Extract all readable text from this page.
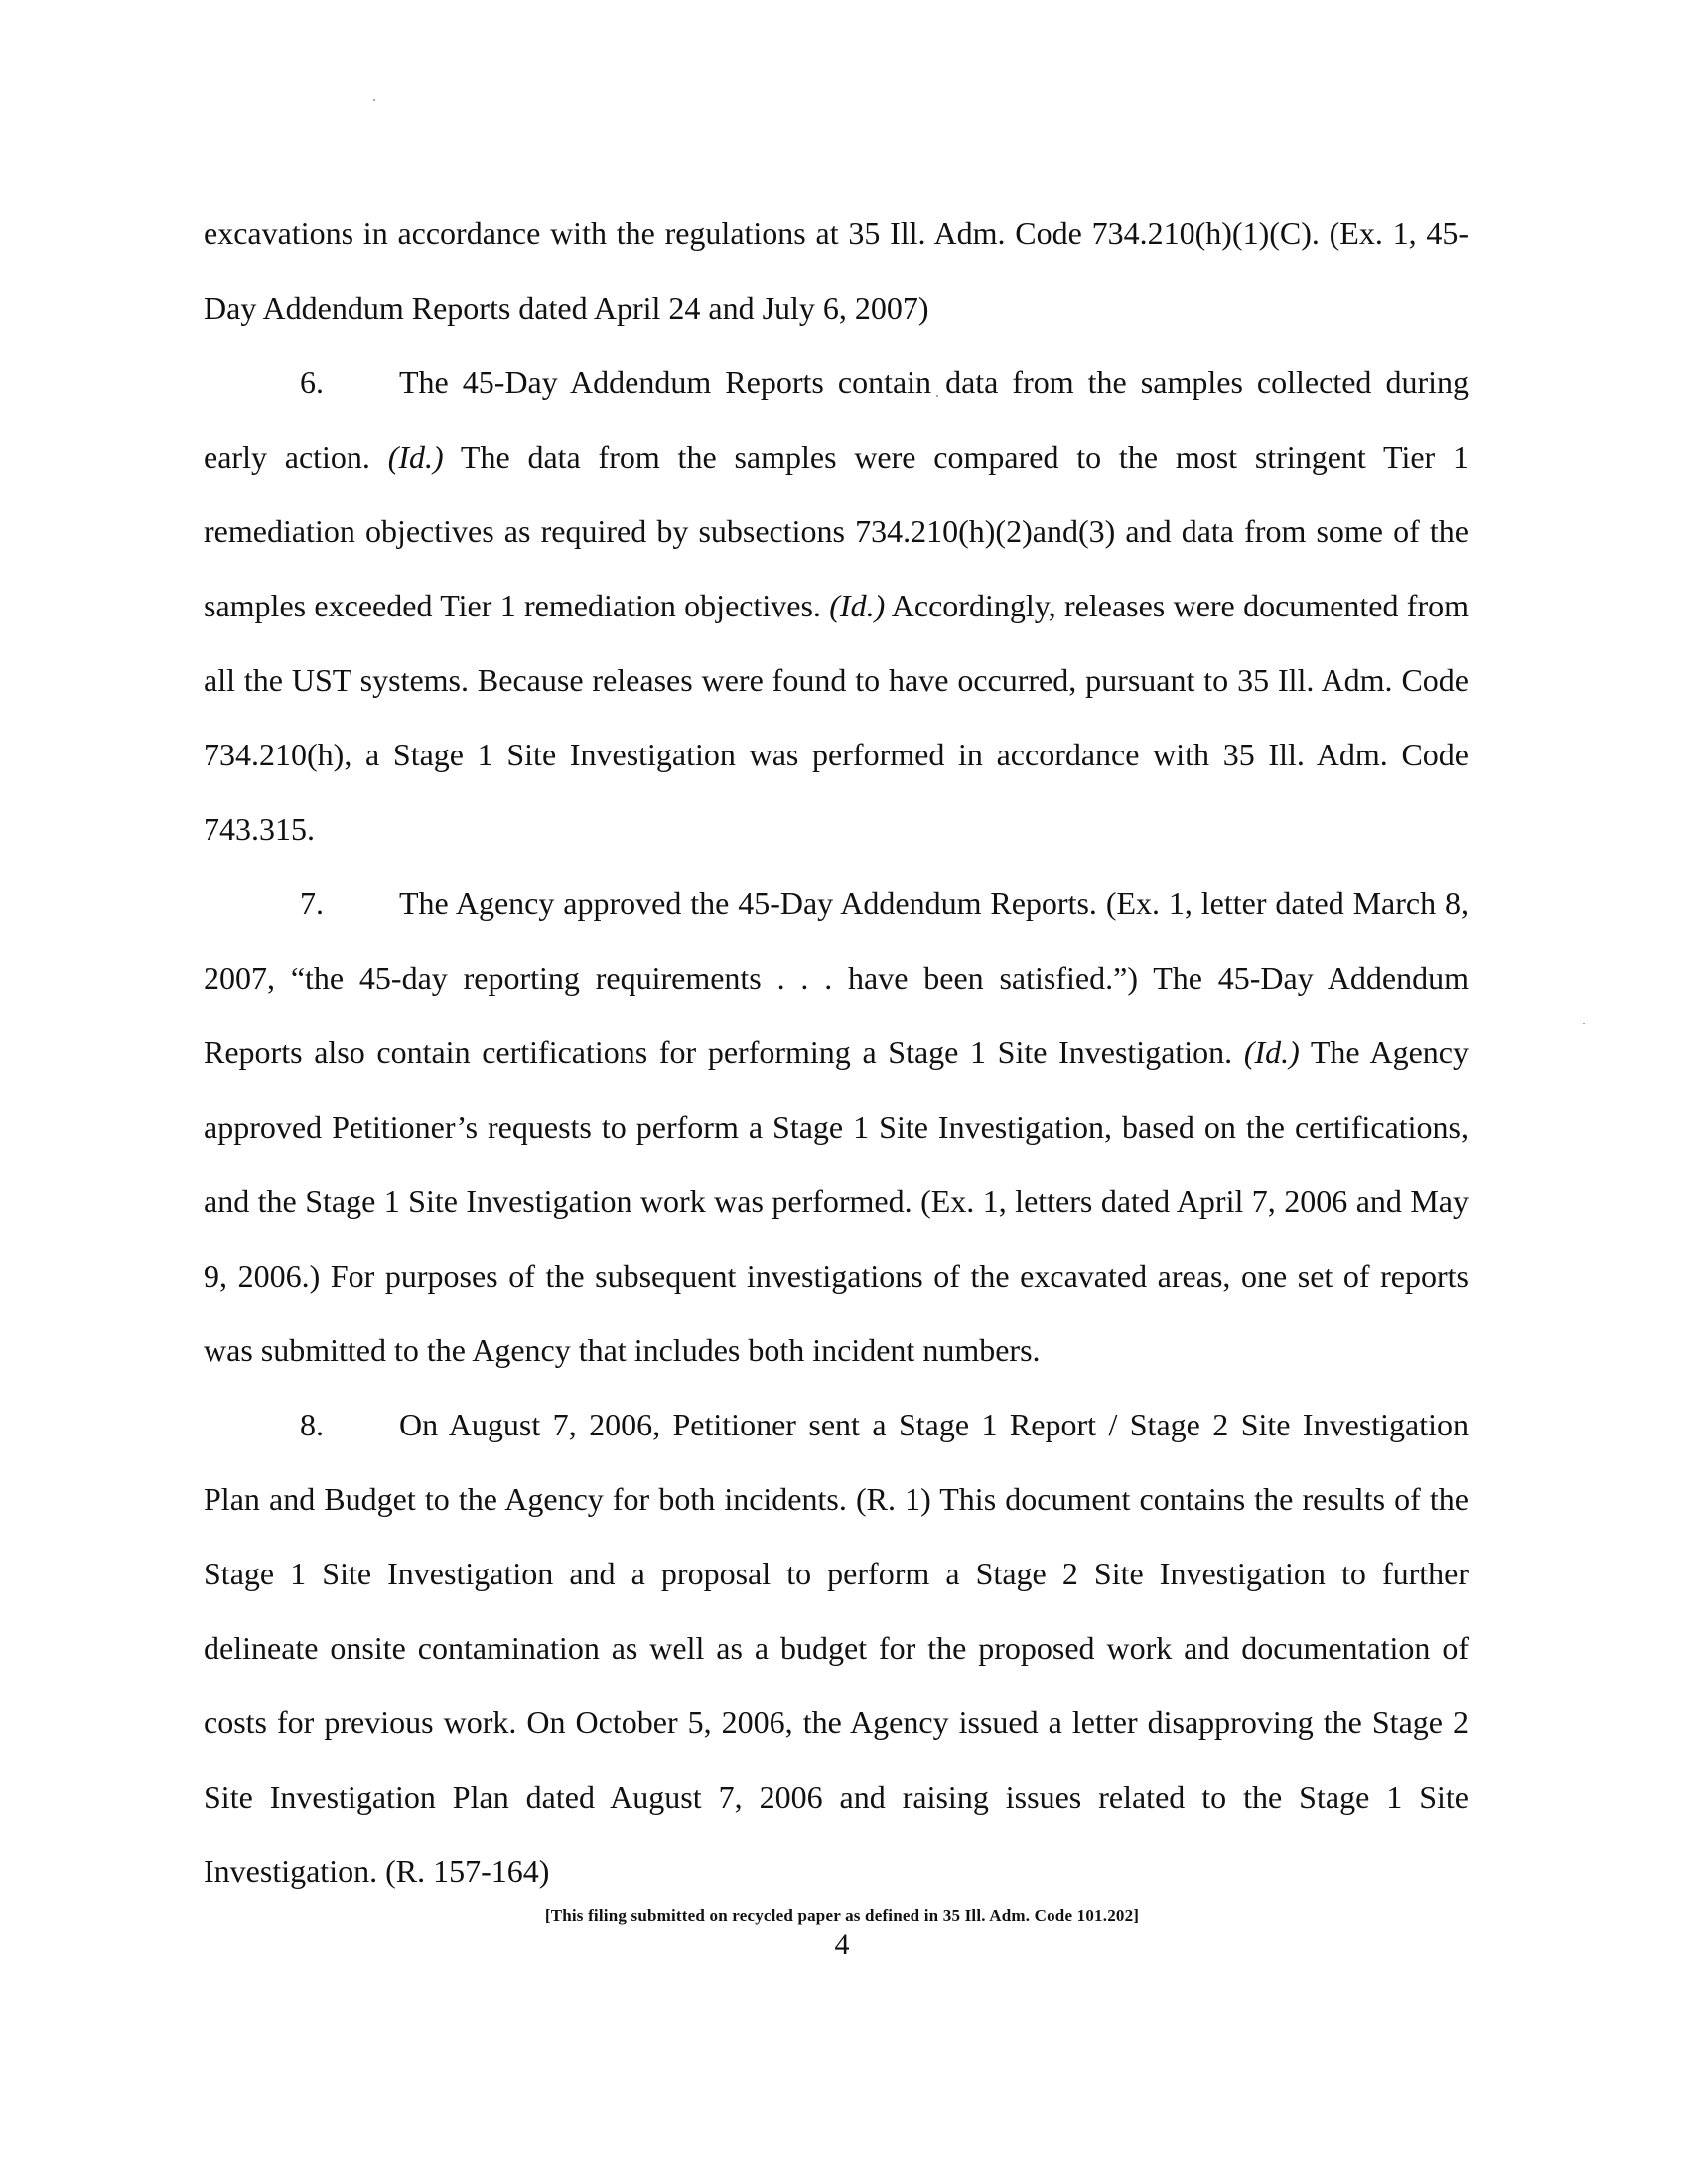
excavations in accordance with the regulations at 35 Ill. Adm. Code 734.210(h)(1)(C). (Ex. 1, 45-Day Addendum Reports dated April 24 and July 6, 2007)

6. The 45-Day Addendum Reports contain data from the samples collected during early action. (Id.) The data from the samples were compared to the most stringent Tier 1 remediation objectives as required by subsections 734.210(h)(2)and(3) and data from some of the samples exceeded Tier 1 remediation objectives. (Id.) Accordingly, releases were documented from all the UST systems. Because releases were found to have occurred, pursuant to 35 Ill. Adm. Code 734.210(h), a Stage 1 Site Investigation was performed in accordance with 35 Ill. Adm. Code 743.315.

7. The Agency approved the 45-Day Addendum Reports. (Ex. 1, letter dated March 8, 2007, “the 45-day reporting requirements . . . have been satisfied.”) The 45-Day Addendum Reports also contain certifications for performing a Stage 1 Site Investigation. (Id.) The Agency approved Petitioner’s requests to perform a Stage 1 Site Investigation, based on the certifications, and the Stage 1 Site Investigation work was performed. (Ex. 1, letters dated April 7, 2006 and May 9, 2006.) For purposes of the subsequent investigations of the excavated areas, one set of reports was submitted to the Agency that includes both incident numbers.

8. On August 7, 2006, Petitioner sent a Stage 1 Report / Stage 2 Site Investigation Plan and Budget to the Agency for both incidents. (R. 1) This document contains the results of the Stage 1 Site Investigation and a proposal to perform a Stage 2 Site Investigation to further delineate onsite contamination as well as a budget for the proposed work and documentation of costs for previous work. On October 5, 2006, the Agency issued a letter disapproving the Stage 2 Site Investigation Plan dated August 7, 2006 and raising issues related to the Stage 1 Site Investigation. (R. 157-164)

[This filing submitted on recycled paper as defined in 35 Ill. Adm. Code 101.202]
4
